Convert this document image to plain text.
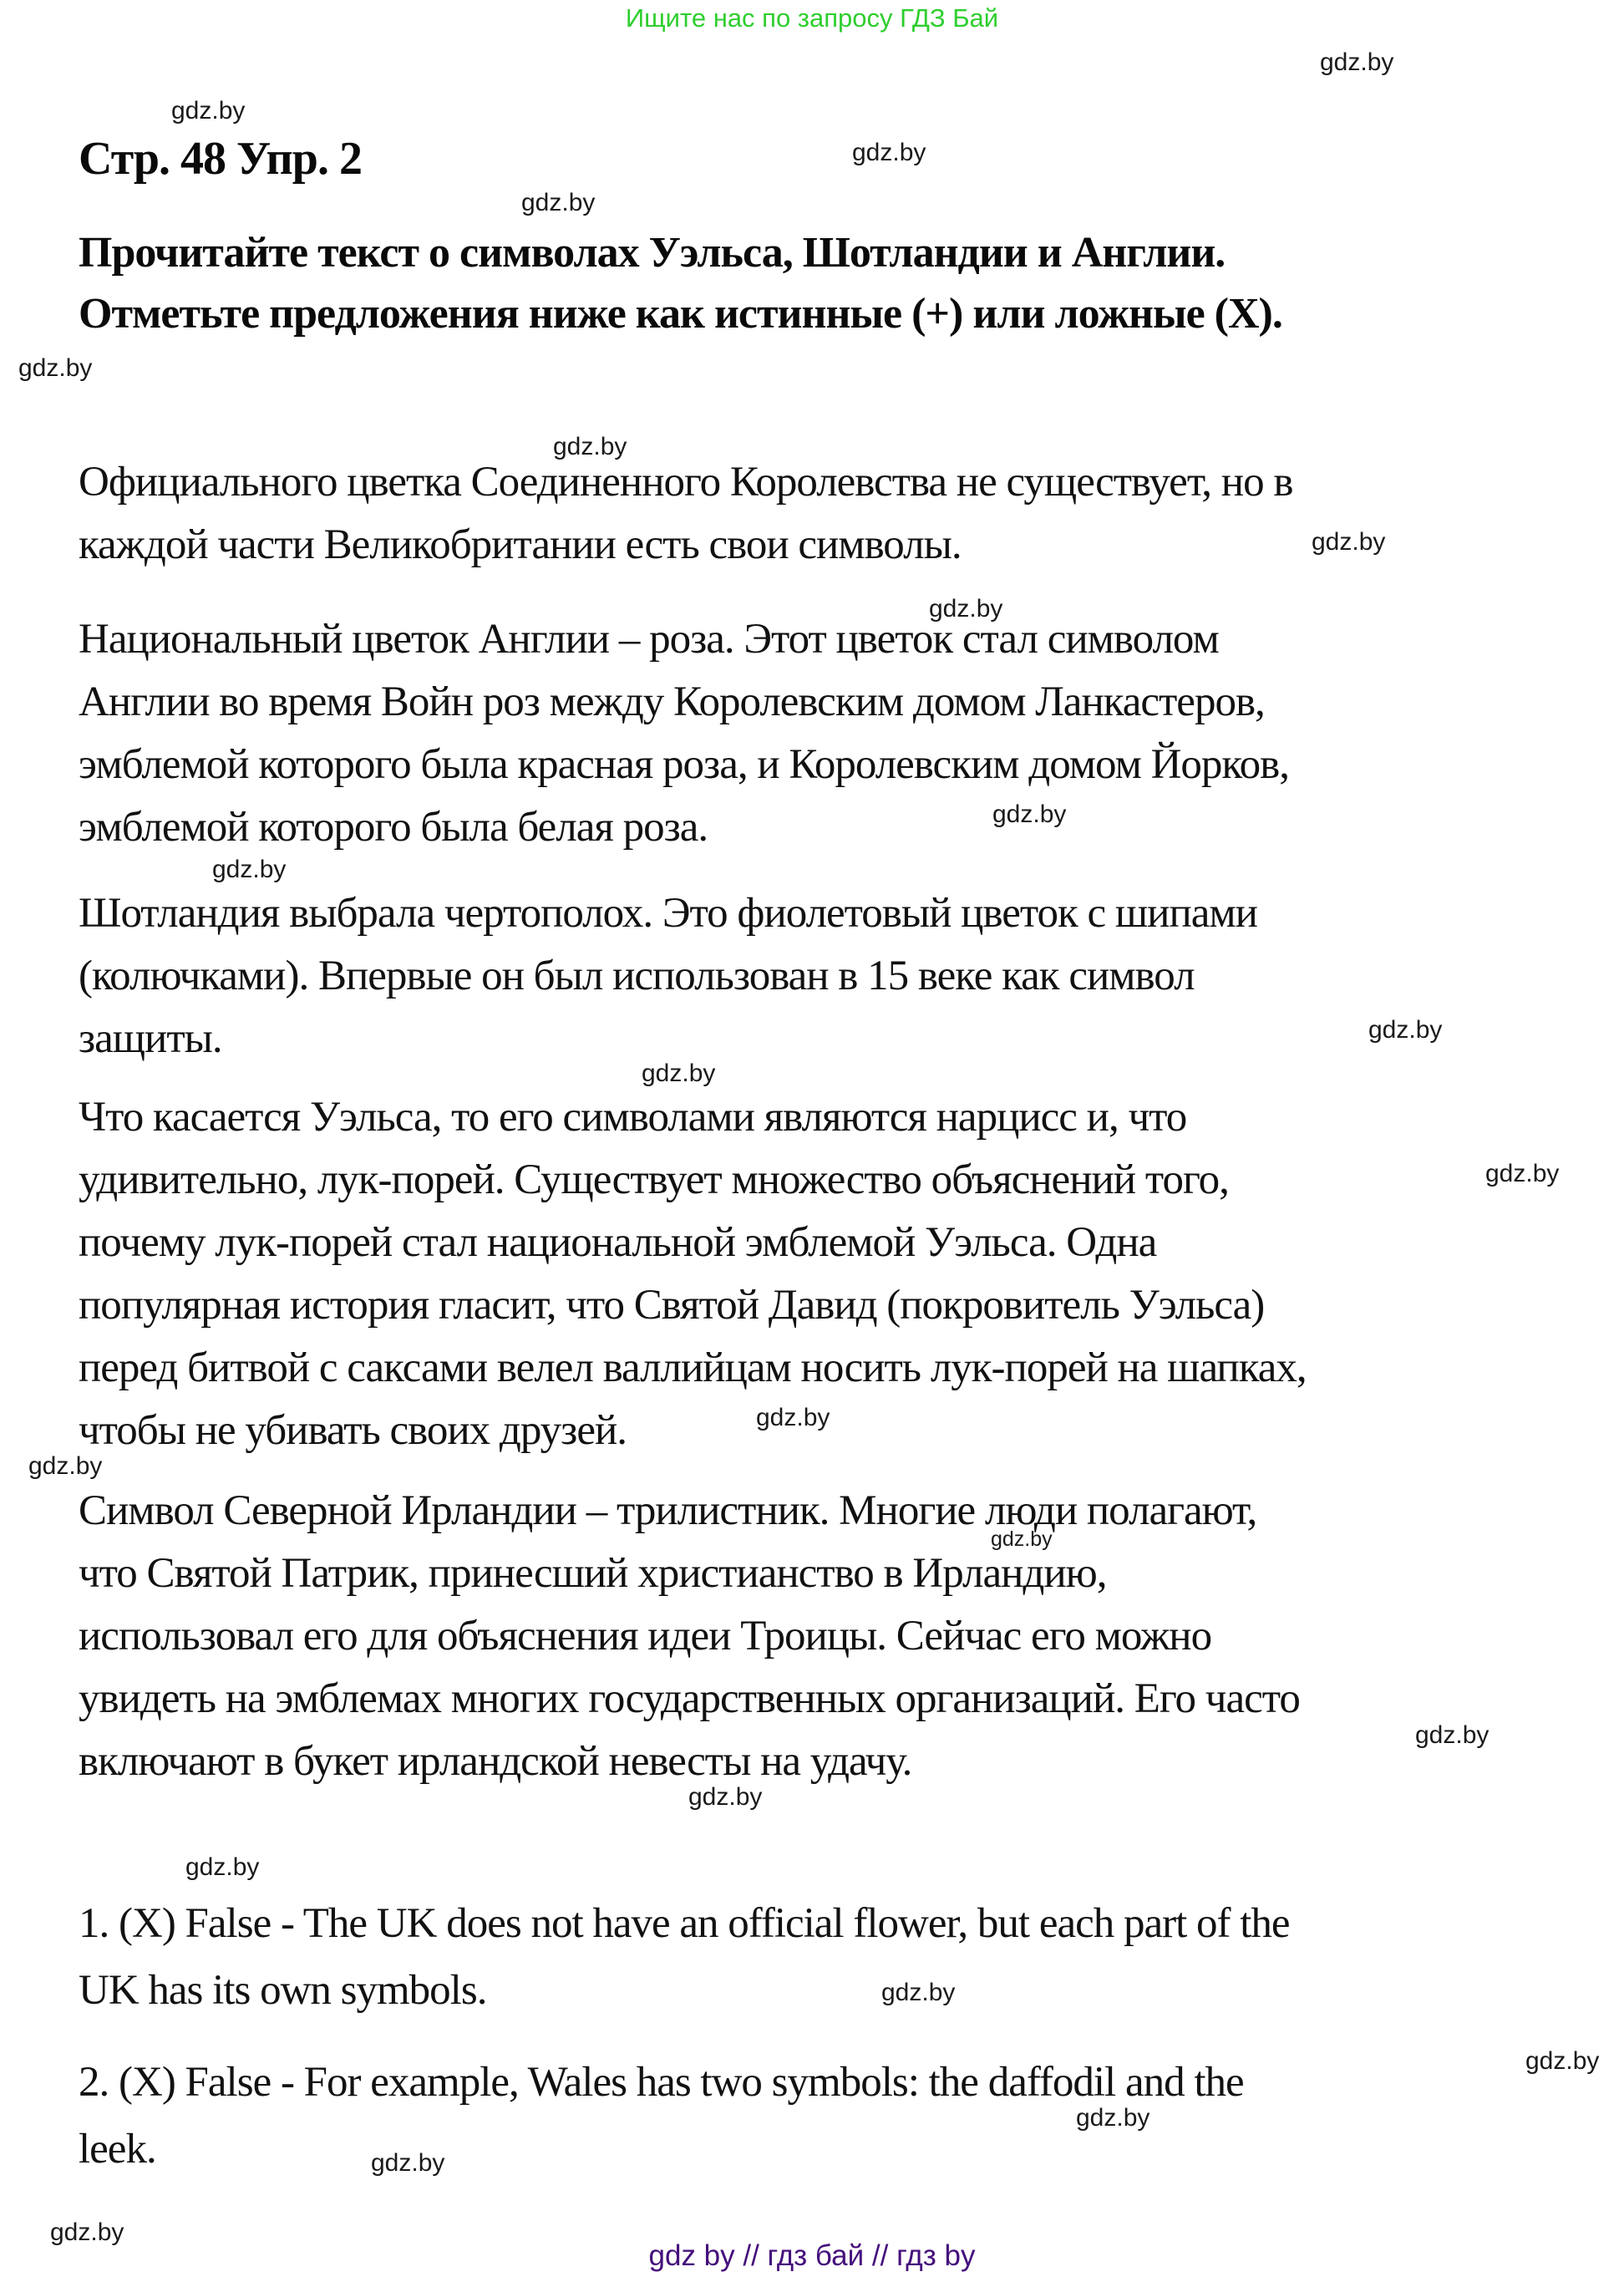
Ищите нас по запросу ГДЗ Бай
gdz.by
gdz.by
gdz.by
gdz.by
gdz.by
gdz.by
gdz.by
gdz.by
gdz.by
gdz.by
gdz.by
gdz.by
gdz.by
gdz.by
gdz.by
gdz.by
gdz.by
gdz.by
gdz.by
gdz.by
gdz.by
gdz.by
gdz.by
gdz.by
Стр. 48 Упр. 2
Прочитайте текст о символах Уэльса, Шотландии и Англии.
Отметьте предложения ниже как истинные (+) или ложные (X).
Официального цветка Соединенного Королевства не существует, но в
каждой части Великобритании есть свои символы.
Национальный цветок Англии – роза. Этот цветок стал символом
Англии во время Войн роз между Королевским домом Ланкастеров,
эмблемой которого была красная роза, и Королевским домом Йорков,
эмблемой которого была белая роза.
Шотландия выбрала чертополох. Это фиолетовый цветок с шипами
(колючками). Впервые он был использован в 15 веке как символ
защиты.
Что касается Уэльса, то его символами являются нарцисс и, что
удивительно, лук-порей. Существует множество объяснений того,
почему лук-порей стал национальной эмблемой Уэльса. Одна
популярная история гласит, что Святой Давид (покровитель Уэльса)
перед битвой с саксами велел валлийцам носить лук-порей на шапках,
чтобы не убивать своих друзей.
Символ Северной Ирландии – трилистник. Многие люди полагают,
что Святой Патрик, принесший христианство в Ирландию,
использовал его для объяснения идеи Троицы. Сейчас его можно
увидеть на эмблемах многих государственных организаций. Его часто
включают в букет ирландской невесты на удачу.
1. (X) False - The UK does not have an official flower, but each part of the
UK has its own symbols.
2. (X) False - For example, Wales has two symbols: the daffodil and the
leek.
gdz by // гдз бай // гдз by
